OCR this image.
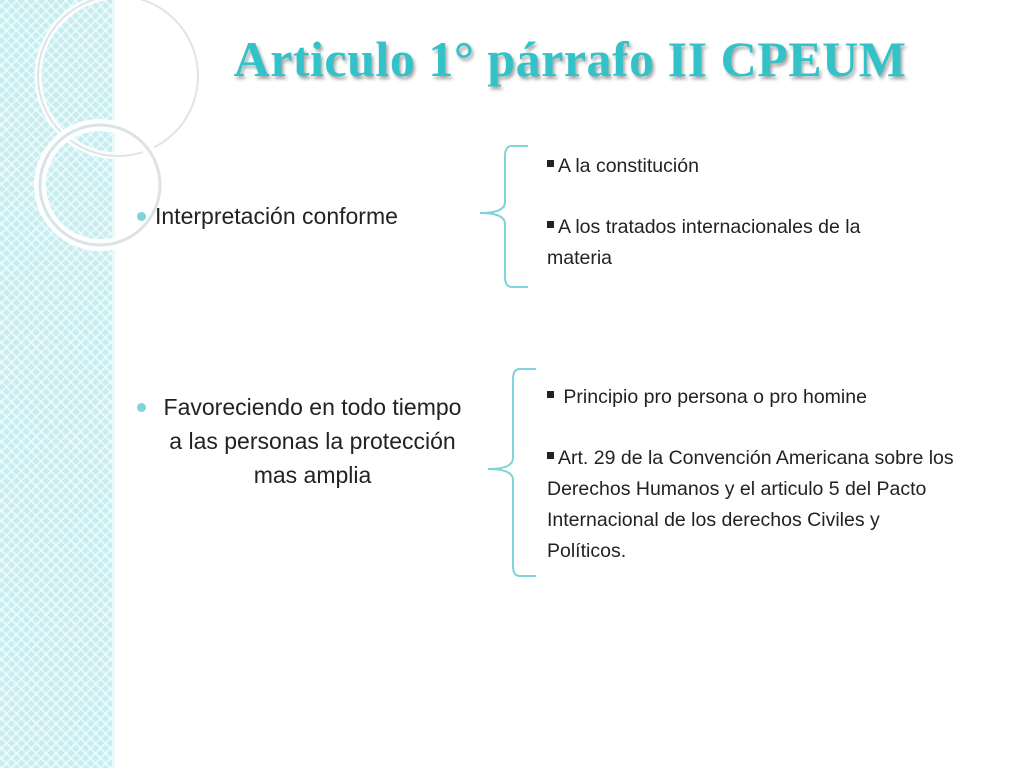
Articulo 1° párrafo II CPEUM
Interpretación conforme
Favoreciendo en todo tiempo a las personas la protección mas amplia

A la constitución

A los tratados internacionales de la materia

Principio pro persona o pro homine

Art. 29 de la Convención Americana sobre los Derechos Humanos y el articulo 5 del Pacto Internacional de los derechos Civiles y Políticos.
